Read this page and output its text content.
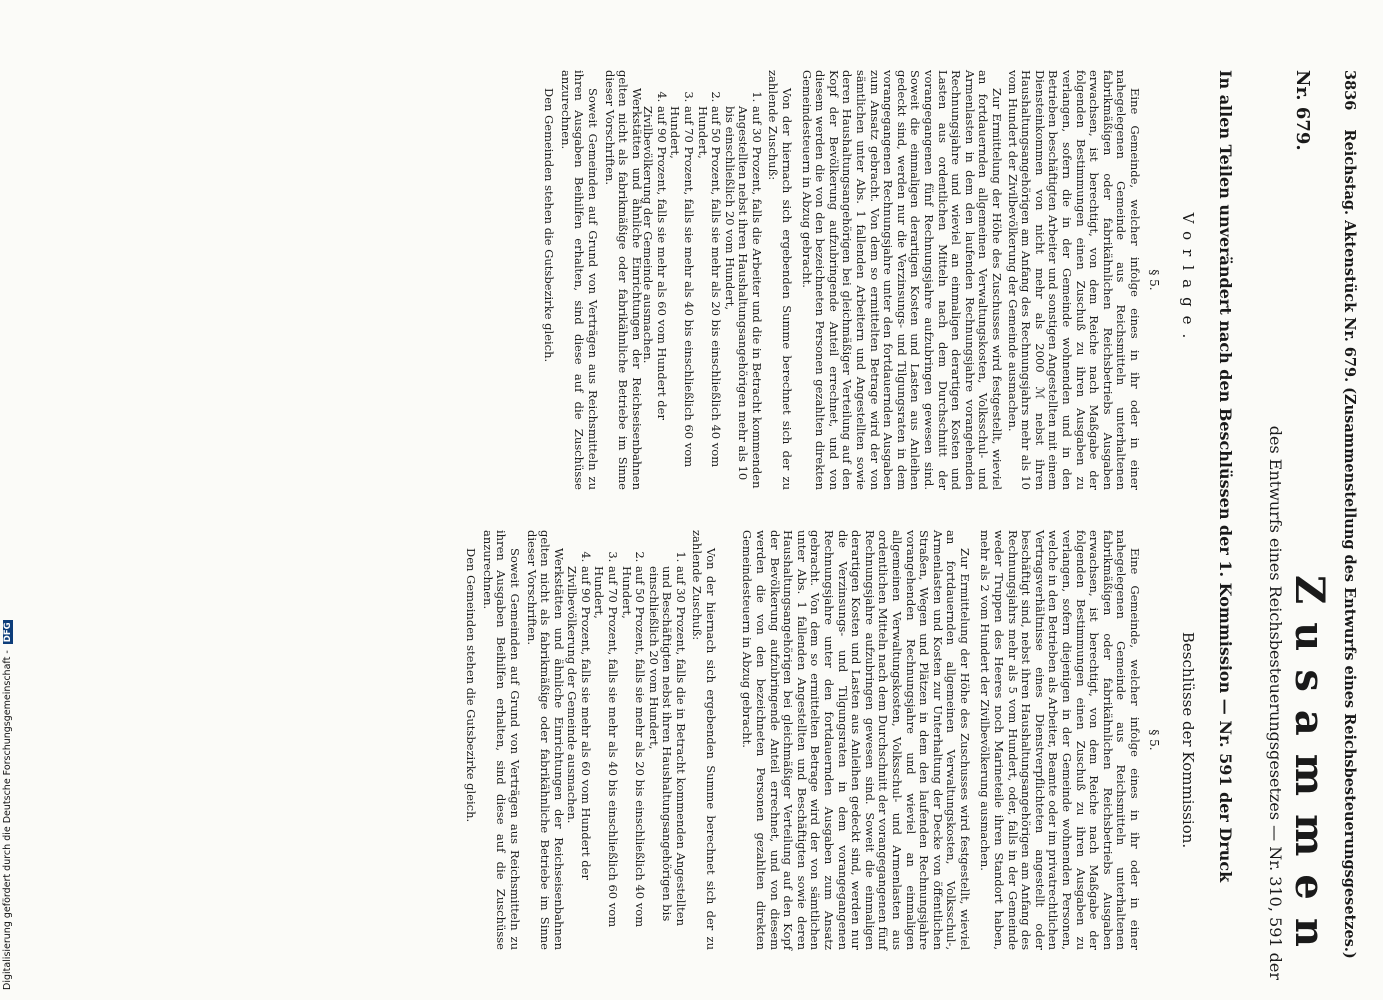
3836 Reichstag. Aktenstück Nr. 679. (Zusammenstellung des Entwurfs eines Reichsbesteuerungsgesetzes.)
Nr. 679.
Zusammen
des Entwurfs eines Reichsbesteuerungsgesetzes — Nr. 310, 591 der
In allen Teilen unverändert nach den Beschlüssen der 1. Kommission — Nr. 591 der Druck
Vorlage.
Beschlüsse der Kommission.
§ 5.
Eine Gemeinde, welcher infolge eines in ihr oder in einer nahegelegenen Gemeinde aus Reichsmitteln unterhaltenen fabrikmäßigen oder fabrikähnlichen Reichsbetriebs Ausgaben erwachsen, ist berechtigt, von dem Reiche nach Maßgabe der folgenden Bestimmungen einen Zuschuß zu ihren Ausgaben zu verlangen, sofern die in der Gemeinde wohnenden und in den Betrieben beschäftigten Arbeiter und sonstigen Angestellten mit einem Diensteinkommen von nicht mehr als 2000 ℳ nebst ihren Haushaltungsangehörigen am Anfang des Rechnungsjahrs mehr als 10 vom Hundert der Zivilbevölkerung der Gemeinde ausmachen.
Zur Ermittelung der Höhe des Zuschusses wird festgestellt, wieviel an fortdauernden allgemeinen Verwaltungskosten, Volksschul- und Armenlasten in dem den laufenden Rechnungsjahre vorangehenden Rechnungsjahre und wieviel an einmaligen derartigen Kosten und Lasten aus ordentlichen Mitteln nach dem Durchschnitt der vorangegangenen fünf Rechnungsjahre aufzubringen gewesen sind. Soweit die einmaligen derartigen Kosten und Lasten aus Anleihen gedeckt sind, werden nur die Verzinsungs- und Tilgungsraten in dem vorangegangenen Rechnungsjahre unter den fortdauernden Ausgaben zum Ansatz gebracht. Von dem so ermittelten Betrage wird der von sämtlichen unter Abs. 1 fallenden Arbeitern und Angestellten sowie deren Haushaltungsangehörigen bei gleichmäßiger Verteilung auf den Kopf der Bevölkerung aufzubringende Anteil errechnet, und von diesem werden die von den bezeichneten Personen gezahlten direkten Gemeindesteuern in Abzug gebracht.
Von der hiernach sich ergebenden Summe berechnet sich der zu zahlende Zuschuß:
1. auf 30 Prozent, falls die Arbeiter und die in Betracht kommenden Angestellten nebst ihren Haushaltungsangehörigen mehr als 10 bis einschließlich 20 vom Hundert,
2. auf 50 Prozent, falls sie mehr als 20 bis einschließlich 40 vom Hundert,
3. auf 70 Prozent, falls sie mehr als 40 bis einschließlich 60 vom Hundert,
4. auf 90 Prozent, falls sie mehr als 60 vom Hundert der Zivilbevölkerung der Gemeinde ausmachen.
Werkstätten und ähnliche Einrichtungen der Reichseisenbahnen gelten nicht als fabrikmäßige oder fabrikähnliche Betriebe im Sinne dieser Vorschriften.
Soweit Gemeinden auf Grund von Verträgen aus Reichsmitteln zu ihren Ausgaben Beihilfen erhalten, sind diese auf die Zuschüsse anzurechnen.
Den Gemeinden stehen die Gutsbezirke gleich.
§ 5.
Eine Gemeinde, welcher infolge eines in ihr oder in einer nahegelegenen Gemeinde aus Reichsmitteln unterhaltenen fabrikmäßigen oder fabrikähnlichen Reichsbetriebs Ausgaben erwachsen, ist berechtigt, von dem Reiche nach Maßgabe der folgenden Bestimmungen einen Zuschuß zu ihren Ausgaben zu verlangen, sofern diejenigen in der Gemeinde wohnenden Personen, welche in den Betrieben als Arbeiter, Beamte oder im privatrechtlichen Vertragsverhältnisse eines Dienstverpflichteten angestellt oder beschäftigt sind, nebst ihren Haushaltungsangehörigen am Anfang des Rechnungsjahrs mehr als 5 vom Hundert, oder, falls in der Gemeinde weder Truppen des Heeres noch Marineteile ihren Standort haben, mehr als 2 vom Hundert der Zivilbevölkerung ausmachen.
Zur Ermittelung der Höhe des Zuschusses wird festgestellt, wieviel an fortdauernden allgemeinen Verwaltungskosten, Volksschul-, Armenlasten und Kosten zur Unterhaltung der Decke von öffentlichen Straßen, Wegen und Plätzen in dem den laufenden Rechnungsjahre vorangehenden Rechnungsjahre und wieviel an einmaligen allgemeinen Verwaltungskosten, Volksschul- und Armenlasten aus ordentlichen Mitteln nach dem Durchschnitt der vorangegangenen fünf Rechnungsjahre aufzubringen gewesen sind. Soweit die einmaligen derartigen Kosten und Lasten aus Anleihen gedeckt sind, werden nur die Verzinsungs- und Tilgungsraten in dem vorangegangenen Rechnungsjahre unter den fortdauernden Ausgaben zum Ansatz gebracht. Von dem so ermittelten Betrage wird der von sämtlichen unter Abs. 1 fallenden Angestellten und Beschäftigten sowie deren Haushaltungsangehörigen bei gleichmäßiger Verteilung auf den Kopf der Bevölkerung aufzubringende Anteil errechnet, und von diesem werden die von den bezeichneten Personen gezahlten direkten Gemeindesteuern in Abzug gebracht.
Von der hiernach sich ergebenden Summe berechnet sich der zu zahlende Zuschuß:
1. auf 30 Prozent, falls die in Betracht kommenden Angestellten und Beschäftigten nebst ihren Haushaltungsangehörigen bis einschließlich 20 vom Hundert,
2. auf 50 Prozent, falls sie mehr als 20 bis einschließlich 40 vom Hundert,
3. auf 70 Prozent, falls sie mehr als 40 bis einschließlich 60 vom Hundert,
4. auf 90 Prozent, falls sie mehr als 60 vom Hundert der Zivilbevölkerung der Gemeinde ausmachen.
Werkstätten und ähnliche Einrichtungen der Reichseisenbahnen gelten nicht als fabrikmäßige oder fabrikähnliche Betriebe im Sinne dieser Vorschriften.
Soweit Gemeinden auf Grund von Verträgen aus Reichsmitteln zu ihren Ausgaben Beihilfen erhalten, sind diese auf die Zuschüsse anzurechnen.
Den Gemeinden stehen die Gutsbezirke gleich.
Digitalisierung gefördert durch die Deutsche Forschungsgemeinschaft - DFG
